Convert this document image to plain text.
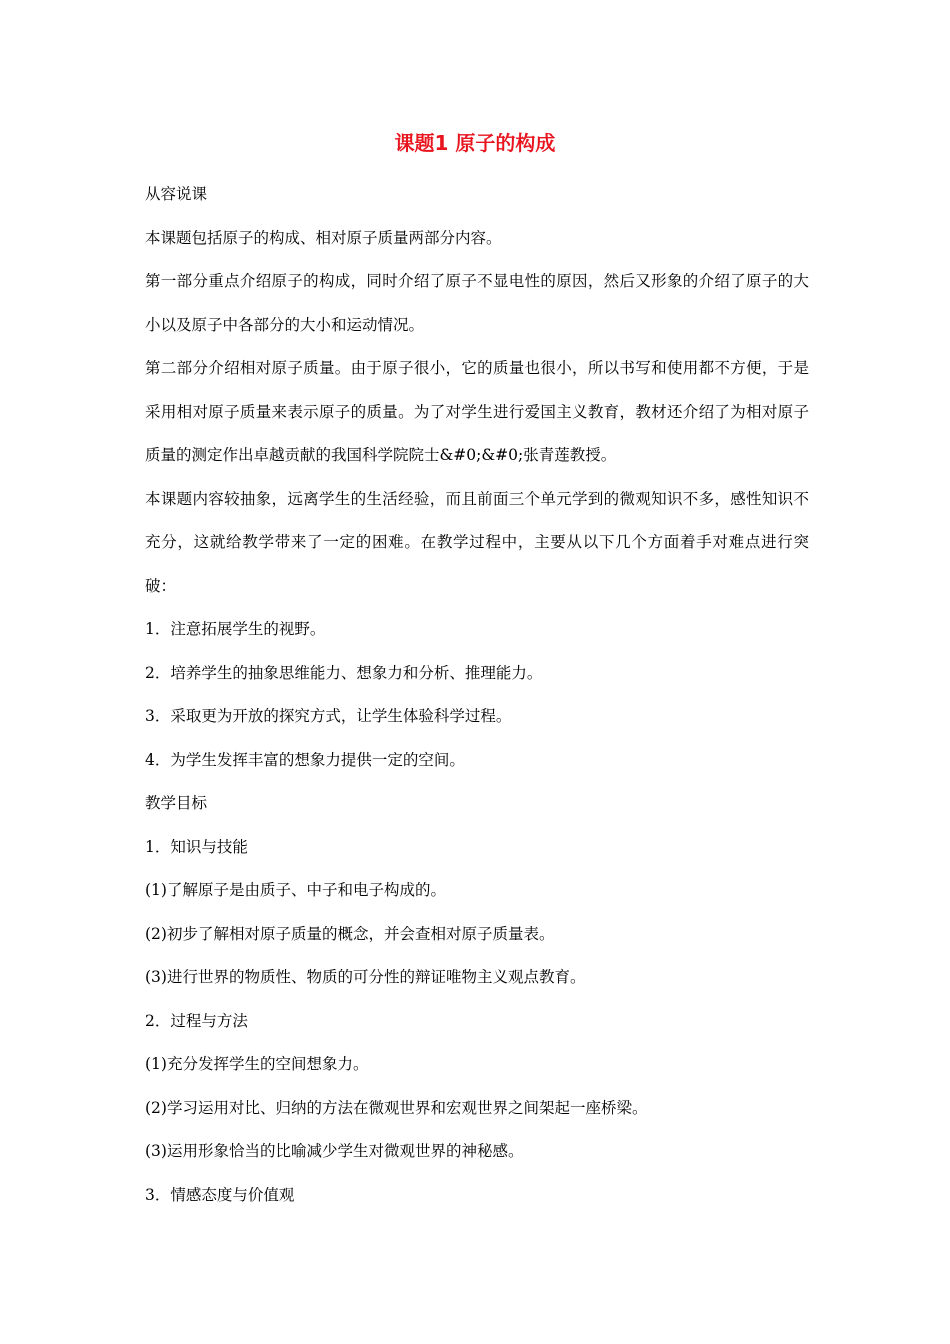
课题1 原子的构成

从容说课

本课题包括原子的构成、相对原子质量两部分内容。

第一部分重点介绍原子的构成，同时介绍了原子不显电性的原因，然后又形象的介绍了原子的大小以及原子中各部分的大小和运动情况。

第二部分介绍相对原子质量。由于原子很小，它的质量也很小，所以书写和使用都不方便，于是采用相对原子质量来表示原子的质量。为了对学生进行爱国主义教育，教材还介绍了为相对原子质量的测定作出卓越贡献的我国科学院院士&#0;&#0;张青莲教授。

本课题内容较抽象，远离学生的生活经验，而且前面三个单元学到的微观知识不多，感性知识不充分，这就给教学带来了一定的困难。在教学过程中，主要从以下几个方面着手对难点进行突破：

1．注意拓展学生的视野。

2．培养学生的抽象思维能力、想象力和分析、推理能力。

3．采取更为开放的探究方式，让学生体验科学过程。

4．为学生发挥丰富的想象力提供一定的空间。

教学目标

1．知识与技能

(1)了解原子是由质子、中子和电子构成的。

(2)初步了解相对原子质量的概念，并会查相对原子质量表。

(3)进行世界的物质性、物质的可分性的辩证唯物主义观点教育。

2．过程与方法

(1)充分发挥学生的空间想象力。

(2)学习运用对比、归纳的方法在微观世界和宏观世界之间架起一座桥梁。

(3)运用形象恰当的比喻减少学生对微观世界的神秘感。

3．情感态度与价值观
